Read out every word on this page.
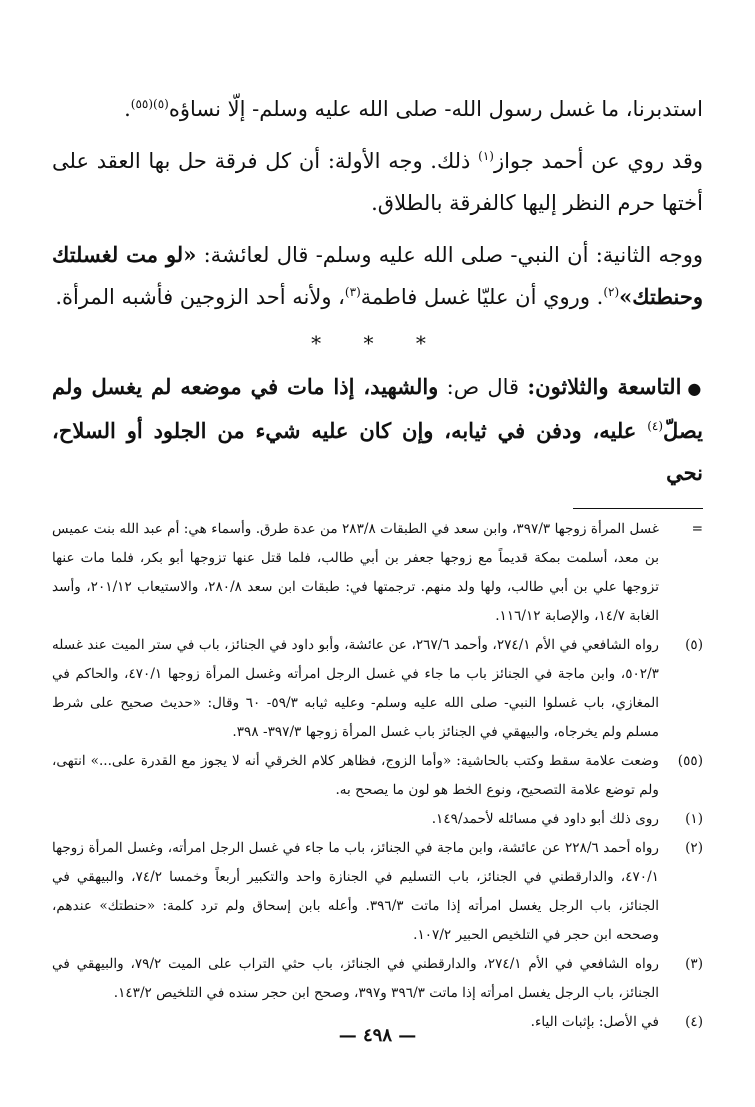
استدبرنا، ما غسل رسول الله- صلى الله عليه وسلم- إلّا نساؤه$^{(٥)(٥٥)}$.

وقد روي عن أحمد جواز$^{(١)}$ ذلك. وجه الأولة: أن كل فرقة حل بها العقد على أختها حرم النظر إليها كالفرقة بالطلاق.

ووجه الثانية: أن النبي- صلى الله عليه وسلم- قال لعائشة: «لو مت لغسلتك وحنطتك»$^{(٢)}$. وروي أن عليّا غسل فاطمة$^{(٣)}$، ولأنه أحد الزوجين فأشبه المرأة.

* * *

●التاسعة والثلاثون: قال ص: والشهيد، إذا مات في موضعه لم يغسل ولم يصلّ$^{(٤)}$ عليه، ودفن في ثيابه، وإن كان عليه شيء من الجلود أو السلاح، نحي

=
غسل المرأة زوجها ٣٩٧/٣، وابن سعد في الطبقات ٢٨٣/٨ من عدة طرق. وأسماء هي: أم عبد الله بنت عميس بن معد، أسلمت بمكة قديماً مع زوجها جعفر بن أبي طالب، فلما قتل عنها تزوجها أبو بكر، فلما مات عنها تزوجها علي بن أبي طالب، ولها ولد منهم. ترجمتها في: طبقات ابن سعد ٢٨٠/٨، والاستيعاب ٢٠١/١٢، وأسد الغابة ١٤/٧، والإصابة ١١٦/١٢.
(٥)
رواه الشافعي في الأم ٢٧٤/١، وأحمد ٢٦٧/٦، عن عائشة، وأبو داود في الجنائز، باب في ستر الميت عند غسله ٥٠٢/٣، وابن ماجة في الجنائز باب ما جاء في غسل الرجل امرأته وغسل المرأة زوجها ٤٧٠/١، والحاكم في المغازي، باب غسلوا النبي- صلى الله عليه وسلم- وعليه ثيابه ٥٩/٣- ٦٠ وقال: «حديث صحيح على شرط مسلم ولم يخرجاه، والبيهقي في الجنائز باب غسل المرأة زوجها ٣٩٧/٣- ٣٩٨.
(٥٥)
وضعت علامة سقط وكتب بالحاشية: «وأما الزوج، فظاهر كلام الخرقي أنه لا يجوز مع القدرة على...» انتهى، ولم توضع علامة التصحيح، ونوع الخط هو لون ما يصحح به.
(١)
روى ذلك أبو داود في مسائله لأحمد/١٤٩.
(٢)
رواه أحمد ٢٢٨/٦ عن عائشة، وابن ماجة في الجنائز، باب ما جاء في غسل الرجل امرأته، وغسل المرأة زوجها ٤٧٠/١، والدارقطني في الجنائز، باب التسليم في الجنازة واحد والتكبير أربعاً وخمسا ٧٤/٢، والبيهقي في الجنائز، باب الرجل يغسل امرأته إذا ماتت ٣٩٦/٣. وأعله بابن إسحاق ولم ترد كلمة: «حنطتك» عندهم، وصححه ابن حجر في التلخيص الحبير ١٠٧/٢.
(٣)
رواه الشافعي في الأم ٢٧٤/١، والدارقطني في الجنائز، باب حثي التراب على الميت ٧٩/٢، والبيهقي في الجنائز، باب الرجل يغسل امرأته إذا ماتت ٣٩٦/٣ و٣٩٧، وصحح ابن حجر سنده في التلخيص ١٤٣/٢.
(٤)
في الأصل: بإثبات الياء.
— ٤٩٨ —
